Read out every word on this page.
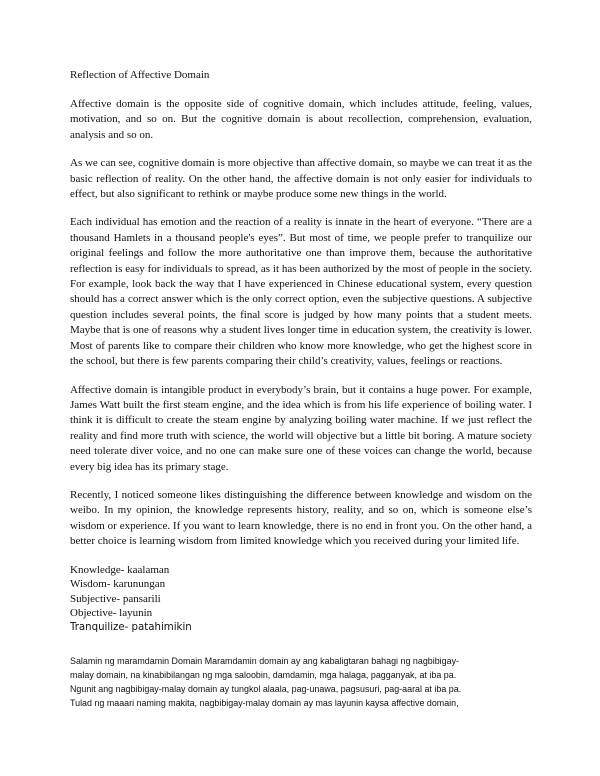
Reflection of Affective Domain

Affective domain is the opposite side of cognitive domain, which includes attitude, feeling, values, motivation, and so on. But the cognitive domain is about recollection, comprehension, evaluation, analysis and so on.

As we can see, cognitive domain is more objective than affective domain, so maybe we can treat it as the basic reflection of reality. On the other hand, the affective domain is not only easier for individuals to effect, but also significant to rethink or maybe produce some new things in the world.

Each individual has emotion and the reaction of a reality is innate in the heart of everyone. “There are a thousand Hamlets in a thousand people's eyes”. But most of time, we people prefer to tranquilize our original feelings and follow the more authoritative one than improve them, because the authoritative reflection is easy for individuals to spread, as it has been authorized by the most of people in the society. For example, look back the way that I have experienced in Chinese educational system, every question should has a correct answer which is the only correct option, even the subjective questions. A subjective question includes several points, the final score is judged by how many points that a student meets. Maybe that is one of reasons why a student lives longer time in education system, the creativity is lower. Most of parents like to compare their children who know more knowledge, who get the highest score in the school, but there is few parents comparing their child’s creativity, values, feelings or reactions.

Affective domain is intangible product in everybody’s brain, but it contains a huge power. For example, James Watt built the first steam engine, and the idea which is from his life experience of boiling water. I think it is difficult to create the steam engine by analyzing boiling water machine. If we just reflect the reality and find more truth with science, the world will objective but a little bit boring. A mature society need tolerate diver voice, and no one can make sure one of these voices can change the world, because every big idea has its primary stage.

Recently, I noticed someone likes distinguishing the difference between knowledge and wisdom on the weibo. In my opinion, the knowledge represents history, reality, and so on, which is someone else’s wisdom or experience. If you want to learn knowledge, there is no end in front you. On the other hand, a better choice is learning wisdom from limited knowledge which you received during your limited life.

Knowledge- kaalaman
Wisdom- karunungan
Subjective- pansarili
Objective- layunin
Tranquilize- patahimikin
Salamin ng maramdamin Domain Maramdamin domain ay ang kabaligtaran bahagi ng nagbibigay-
malay domain, na kinabibilangan ng mga saloobin, damdamin, mga halaga, pagganyak, at iba pa.
Ngunit ang nagbibigay-malay domain ay tungkol alaala, pag-unawa, pagsusuri, pag-aaral at iba pa.
Tulad ng maaari naming makita, nagbibigay-malay domain ay mas layunin kaysa affective domain,
